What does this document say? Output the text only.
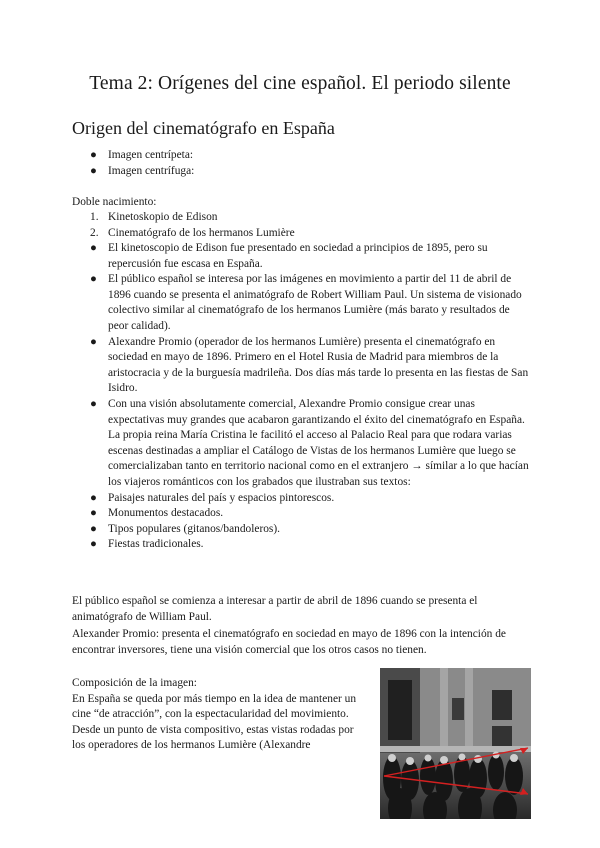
Tema 2: Orígenes del cine español. El periodo silente
Origen del cinematógrafo en España
● Imagen centrípeta:
● Imagen centrífuga:
Doble nacimiento:
1. Kinetoskopio de Edison
2. Cinematógrafo de los hermanos Lumière
● El kinetoscopio de Edison fue presentado en sociedad a principios de 1895, pero su repercusión fue escasa en España.
● El público español se interesa por las imágenes en movimiento a partir del 11 de abril de 1896 cuando se presenta el animatógrafo de Robert William Paul. Un sistema de visionado colectivo similar al cinematógrafo de los hermanos Lumière (más barato y resultados de peor calidad).
● Alexandre Promio (operador de los hermanos Lumière) presenta el cinematógrafo en sociedad en mayo de 1896. Primero en el Hotel Rusia de Madrid para miembros de la aristocracia y de la burguesía madrileña. Dos días más tarde lo presenta en las fiestas de San Isidro.
● Con una visión absolutamente comercial, Alexandre Promio consigue crear unas expectativas muy grandes que acabaron garantizando el éxito del cinematógrafo en España. La propia reina María Cristina le facilitó el acceso al Palacio Real para que rodara varias escenas destinadas a ampliar el Catálogo de Vistas de los hermanos Lumière que luego se comercializaban tanto en territorio nacional como en el extranjero → símilar a lo que hacían los viajeros románticos con los grabados que ilustraban sus textos:
● Paisajes naturales del país y espacios pintorescos.
● Monumentos destacados.
● Tipos populares (gitanos/bandoleros).
● Fiestas tradicionales.

El público español se comienza a interesar a partir de abril de 1896 cuando se presenta el animatógrafo de William Paul.

Alexander Promio: presenta el cinematógrafo en sociedad en mayo de 1896 con la intención de encontrar inversores, tiene una visión comercial que los otros casos no tienen.

Composición de la imagen:
En España se queda por más tiempo en la idea de mantener un cine “de atracción”, con la espectacularidad del movimiento. Desde un punto de vista compositivo, estas vistas rodadas por los operadores de los hermanos Lumière (Alexandre
